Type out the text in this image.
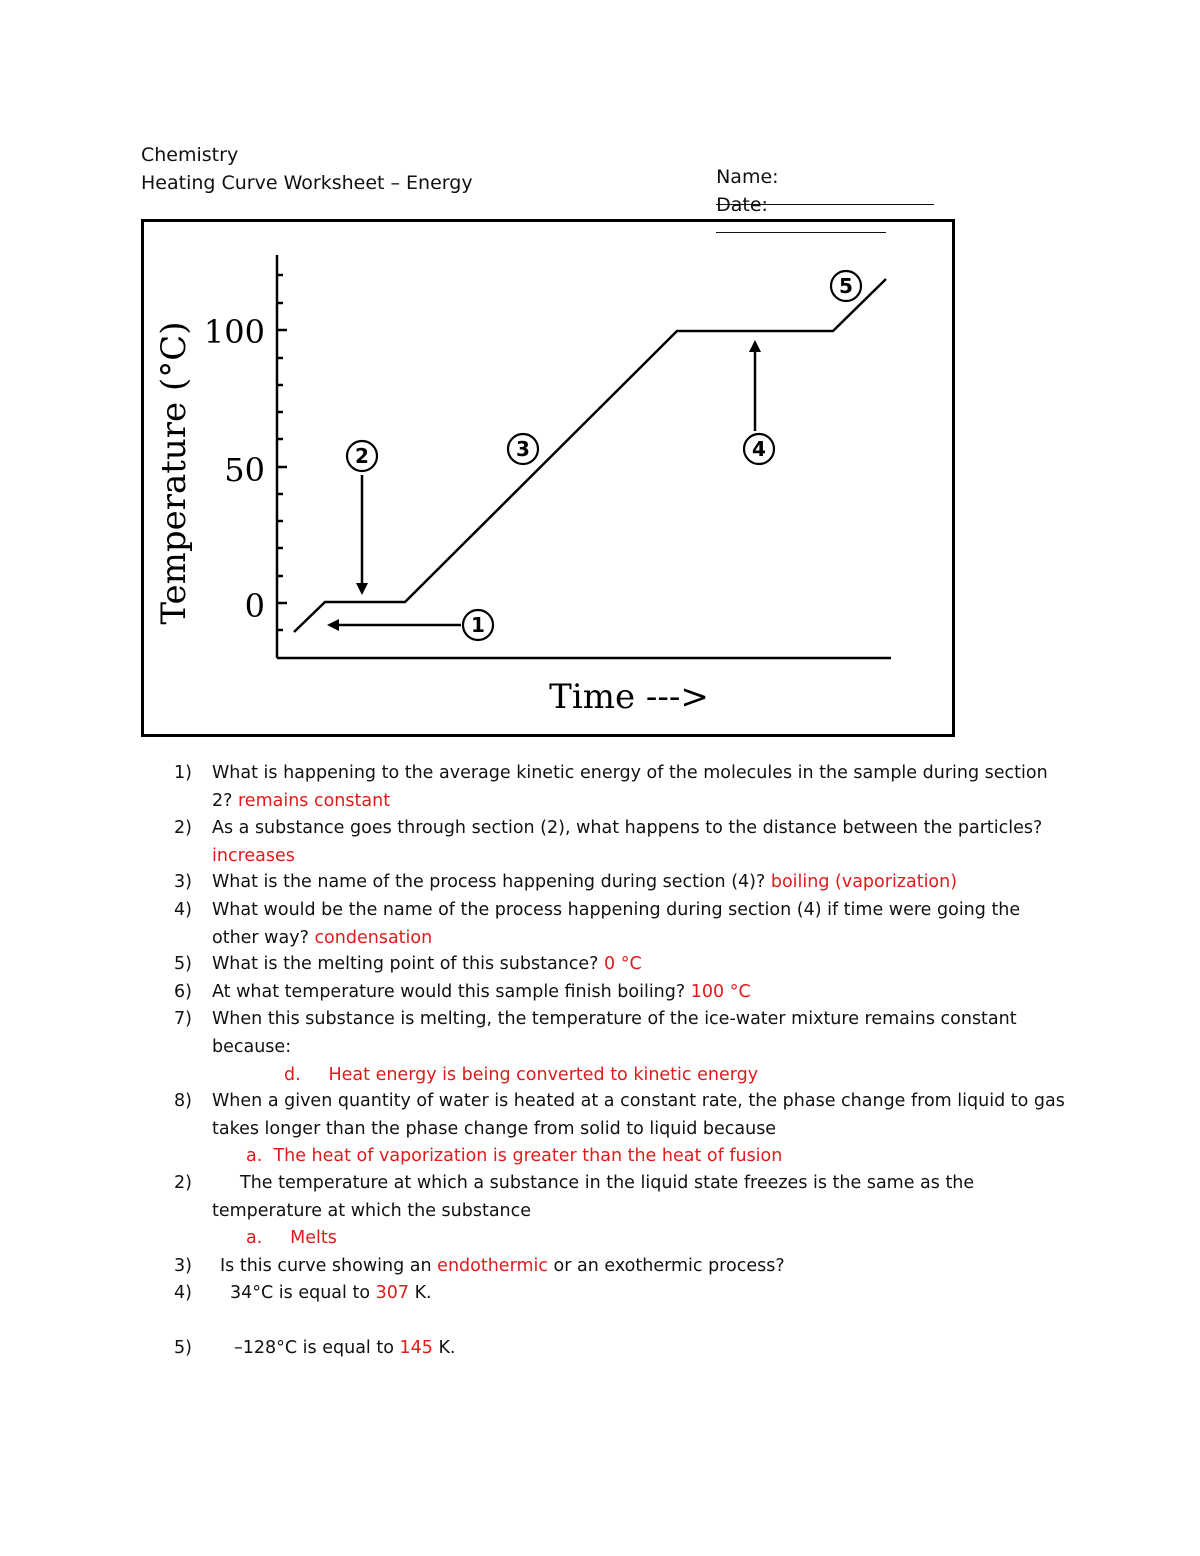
Chemistry
Heating Curve Worksheet – Energy	Name:

Date:

1
2	3	4
5
100
50
0
Temperature (°C)
Time --->
1) What is happening to the average kinetic energy of the molecules in the sample during section 2? remains constant
2) As a substance goes through section (2), what happens to the distance between the particles? increases
3) What is the name of the process happening during section (4)? boiling (vaporization)
4) What would be the name of the process happening during section (4) if time were going the other way? condensation
5) What is the melting point of this substance? 0 °C
6) At what temperature would this sample finish boiling? 100 °C
7) When this substance is melting, the temperature of the ice-water mixture remains constant because:
d. Heat energy is being converted to kinetic energy
8) When a given quantity of water is heated at a constant rate, the phase change from liquid to gas takes longer than the phase change from solid to liquid because
a. The heat of vaporization is greater than the heat of fusion
2)	The temperature at which a substance in the liquid state freezes is the same as the temperature at which the substance
a. Melts
3) Is this curve showing an endothermic or an exothermic process?
4) 34°C is equal to 307 K.
5) –128°C is equal to 145 K.
